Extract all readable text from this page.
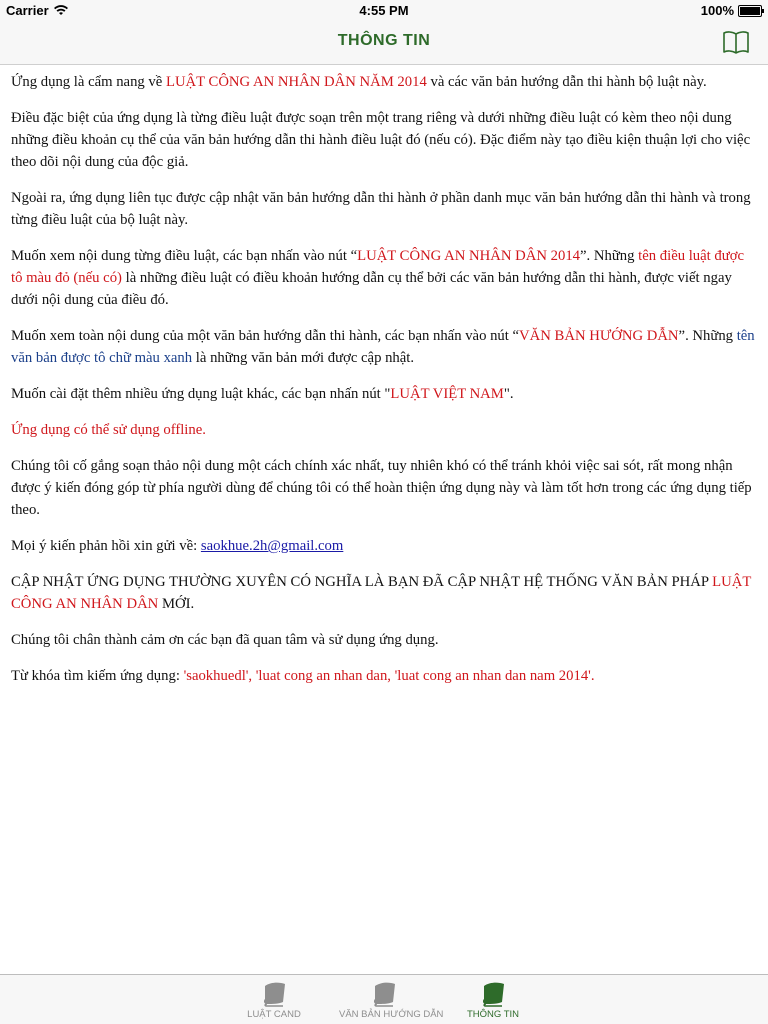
Carrier	4:55 PM	100%
THÔNG TIN

Ứng dụng là cẩm nang về LUẬT CÔNG AN NHÂN DÂN NĂM 2014 và các văn bản hướng dẫn thi hành bộ luật này.

Điều đặc biệt của ứng dụng là từng điều luật được soạn trên một trang riêng và dưới những điều luật có kèm theo nội dung những điều khoản cụ thể của văn bản hướng dẫn thi hành điều luật đó (nếu có). Đặc điểm này tạo điều kiện thuận lợi cho việc theo dõi nội dung của độc giả.

Ngoài ra, ứng dụng liên tục được cập nhật văn bản hướng dẫn thi hành ở phần danh mục văn bản hướng dẫn thi hành và trong từng điều luật của bộ luật này.

Muốn xem nội dung từng điều luật, các bạn nhấn vào nút “LUẬT CÔNG AN NHÂN DÂN 2014”. Những tên điều luật được tô màu đỏ (nếu có) là những điều luật có điều khoản hướng dẫn cụ thể bởi các văn bản hướng dẫn thi hành, được viết ngay dưới nội dung của điều đó.

Muốn xem toàn nội dung của một văn bản hướng dẫn thi hành, các bạn nhấn vào nút “VĂN BẢN HƯỚNG DẪN”. Những tên văn bản được tô chữ màu xanh là những văn bản mới được cập nhật.

Muốn cài đặt thêm nhiều ứng dụng luật khác, các bạn nhấn nút "LUẬT VIỆT NAM".

Ứng dụng có thể sử dụng offline.

Chúng tôi cố gắng soạn thảo nội dung một cách chính xác nhất, tuy nhiên khó có thể tránh khỏi việc sai sót, rất mong nhận được ý kiến đóng góp từ phía người dùng để chúng tôi có thể hoàn thiện ứng dụng này và làm tốt hơn trong các ứng dụng tiếp theo.

Mọi ý kiến phản hồi xin gửi về: saokhue.2h@gmail.com

CẬP NHẬT ỨNG DỤNG THƯỜNG XUYÊN CÓ NGHĨA LÀ BẠN ĐÃ CẬP NHẬT HỆ THỐNG VĂN BẢN PHÁP LUẬT CÔNG AN NHÂN DÂN MỚI.

Chúng tôi chân thành cảm ơn các bạn đã quan tâm và sử dụng ứng dụng.

Từ khóa tìm kiếm ứng dụng: 'saokhuedl', 'luat cong an nhan dan, 'luat cong an nhan dan nam 2014'.

LUẬT CAND	VĂN BẢN HƯỚNG DẪN	THÔNG TIN
